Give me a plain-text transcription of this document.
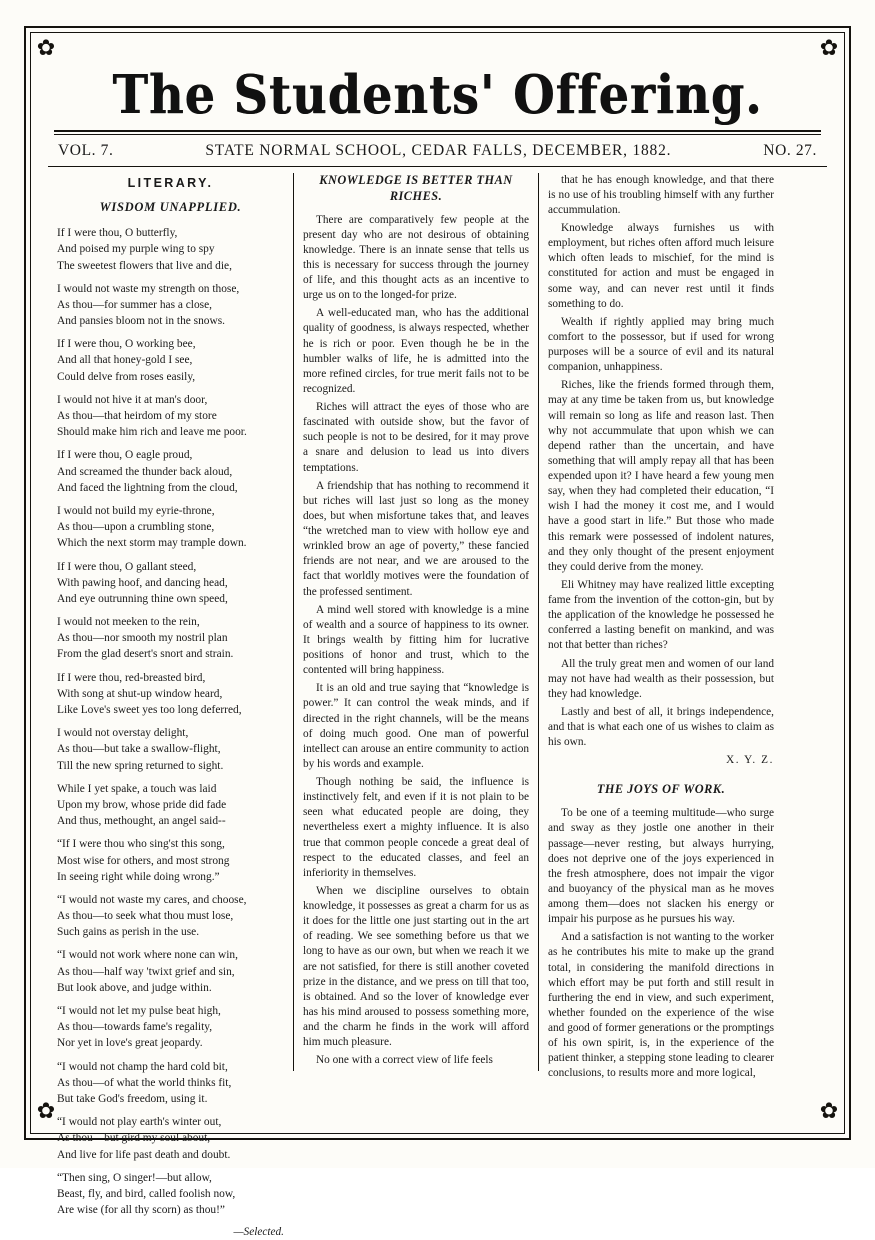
✿	✿
✿	✿
The Students' Offering.
VOL. 7.	STATE NORMAL SCHOOL, CEDAR FALLS, DECEMBER, 1882.	NO. 27.
LITERARY.
WISDOM UNAPPLIED.
If I were thou, O butterfly,
And poised my purple wing to spy
The sweetest flowers that live and die,
I would not waste my strength on those,
As thou—for summer has a close,
And pansies bloom not in the snows.
If I were thou, O working bee,
And all that honey-gold I see,
Could delve from roses easily,
I would not hive it at man's door,
As thou—that heirdom of my store
Should make him rich and leave me poor.
If I were thou, O eagle proud,
And screamed the thunder back aloud,
And faced the lightning from the cloud,
I would not build my eyrie-throne,
As thou—upon a crumbling stone,
Which the next storm may trample down.
If I were thou, O gallant steed,
With pawing hoof, and dancing head,
And eye outrunning thine own speed,
I would not meeken to the rein,
As thou—nor smooth my nostril plan
From the glad desert's snort and strain.
If I were thou, red-breasted bird,
With song at shut-up window heard,
Like Love's sweet yes too long deferred,
I would not overstay delight,
As thou—but take a swallow-flight,
Till the new spring returned to sight.
While I yet spake, a touch was laid
Upon my brow, whose pride did fade
And thus, methought, an angel said--
“If I were thou who sing'st this song,
Most wise for others, and most strong
In seeing right while doing wrong.”
“I would not waste my cares, and choose,
As thou—to seek what thou must lose,
Such gains as perish in the use.
“I would not work where none can win,
As thou—half way 'twixt grief and sin,
But look above, and judge within.
“I would not let my pulse beat high,
As thou—towards fame's regality,
Nor yet in love's great jeopardy.
“I would not champ the hard cold bit,
As thou—of what the world thinks fit,
But take God's freedom, using it.
“I would not play earth's winter out,
As thou—but gird my soul about,
And live for life past death and doubt.
“Then sing, O singer!—but allow,
Beast, fly, and bird, called foolish now,
Are wise (for all thy scorn) as thou!”
—Selected.
KNOWLEDGE IS BETTER THAN RICHES.

There are comparatively few people at the present day who are not desirous of obtaining knowledge. There is an innate sense that tells us this is necessary for success through the journey of life, and this thought acts as an incentive to urge us on to the longed-for prize.

A well-educated man, who has the additional quality of goodness, is always respected, whether he is rich or poor. Even though he be in the humbler walks of life, he is admitted into the more refined circles, for true merit fails not to be recognized.

Riches will attract the eyes of those who are fascinated with outside show, but the favor of such people is not to be desired, for it may prove a snare and delusion to lead us into divers temptations.

A friendship that has nothing to recommend it but riches will last just so long as the money does, but when misfortune takes that, and leaves “the wretched man to view with hollow eye and wrinkled brow an age of poverty,” these fancied friends are not near, and we are aroused to the fact that worldly motives were the foundation of the professed sentiment.

A mind well stored with knowledge is a mine of wealth and a source of happiness to its owner. It brings wealth by fitting him for lucrative positions of honor and trust, which to the contented will bring happiness.

It is an old and true saying that “knowledge is power.” It can control the weak minds, and if directed in the right channels, will be the means of doing much good. One man of powerful intellect can arouse an entire community to action by his words and example.

Though nothing be said, the influence is instinctively felt, and even if it is not plain to be seen what educated people are doing, they nevertheless exert a mighty influence. It is also true that common people concede a great deal of respect to the educated classes, and feel an inferiority in themselves.

When we discipline ourselves to obtain knowledge, it possesses as great a charm for us as it does for the little one just starting out in the art of reading. We see something before us that we long to have as our own, but when we reach it we are not satisfied, for there is still another coveted prize in the distance, and we press on till that too, is obtained. And so the lover of knowledge ever has his mind aroused to possess something more, and the charm he finds in the work will afford him much pleasure.

No one with a correct view of life feels

that he has enough knowledge, and that there is no use of his troubling himself with any further accummulation.

Knowledge always furnishes us with employment, but riches often afford much leisure which often leads to mischief, for the mind is constituted for action and must be engaged in some way, and can never rest until it finds something to do.

Wealth if rightly applied may bring much comfort to the possessor, but if used for wrong purposes will be a source of evil and its natural companion, unhappiness.

Riches, like the friends formed through them, may at any time be taken from us, but knowledge will remain so long as life and reason last. Then why not accummulate that upon whish we can depend rather than the uncertain, and have something that will amply repay all that has been expended upon it? I have heard a few young men say, when they had completed their education, “I wish I had the money it cost me, and I would have a good start in life.” But those who made this remark were possessed of indolent natures, and they only thought of the present enjoyment they could derive from the money.

Eli Whitney may have realized little excepting fame from the invention of the cotton-gin, but by the application of the knowledge he possessed he conferred a lasting benefit on mankind, and was not that better than riches?

All the truly great men and women of our land may not have had wealth as their possession, but they had knowledge.

Lastly and best of all, it brings independence, and that is what each one of us wishes to claim as his own.

X. Y. Z.
THE JOYS OF WORK.

To be one of a teeming multitude—who surge and sway as they jostle one another in their passage—never resting, but always hurrying, does not deprive one of the joys experienced in the fresh atmosphere, does not impair the vigor and buoyancy of the physical man as he moves among them—does not slacken his energy or impair his purpose as he pursues his way.

And a satisfaction is not wanting to the worker as he contributes his mite to make up the grand total, in considering the manifold directions in which effort may be put forth and still result in furthering the end in view, and such experiment, whether founded on the experience of the wise and good of former generations or the promptings of his own spirit, is, in the experience of the patient thinker, a stepping stone leading to clearer conclusions, to results more and more logical,
